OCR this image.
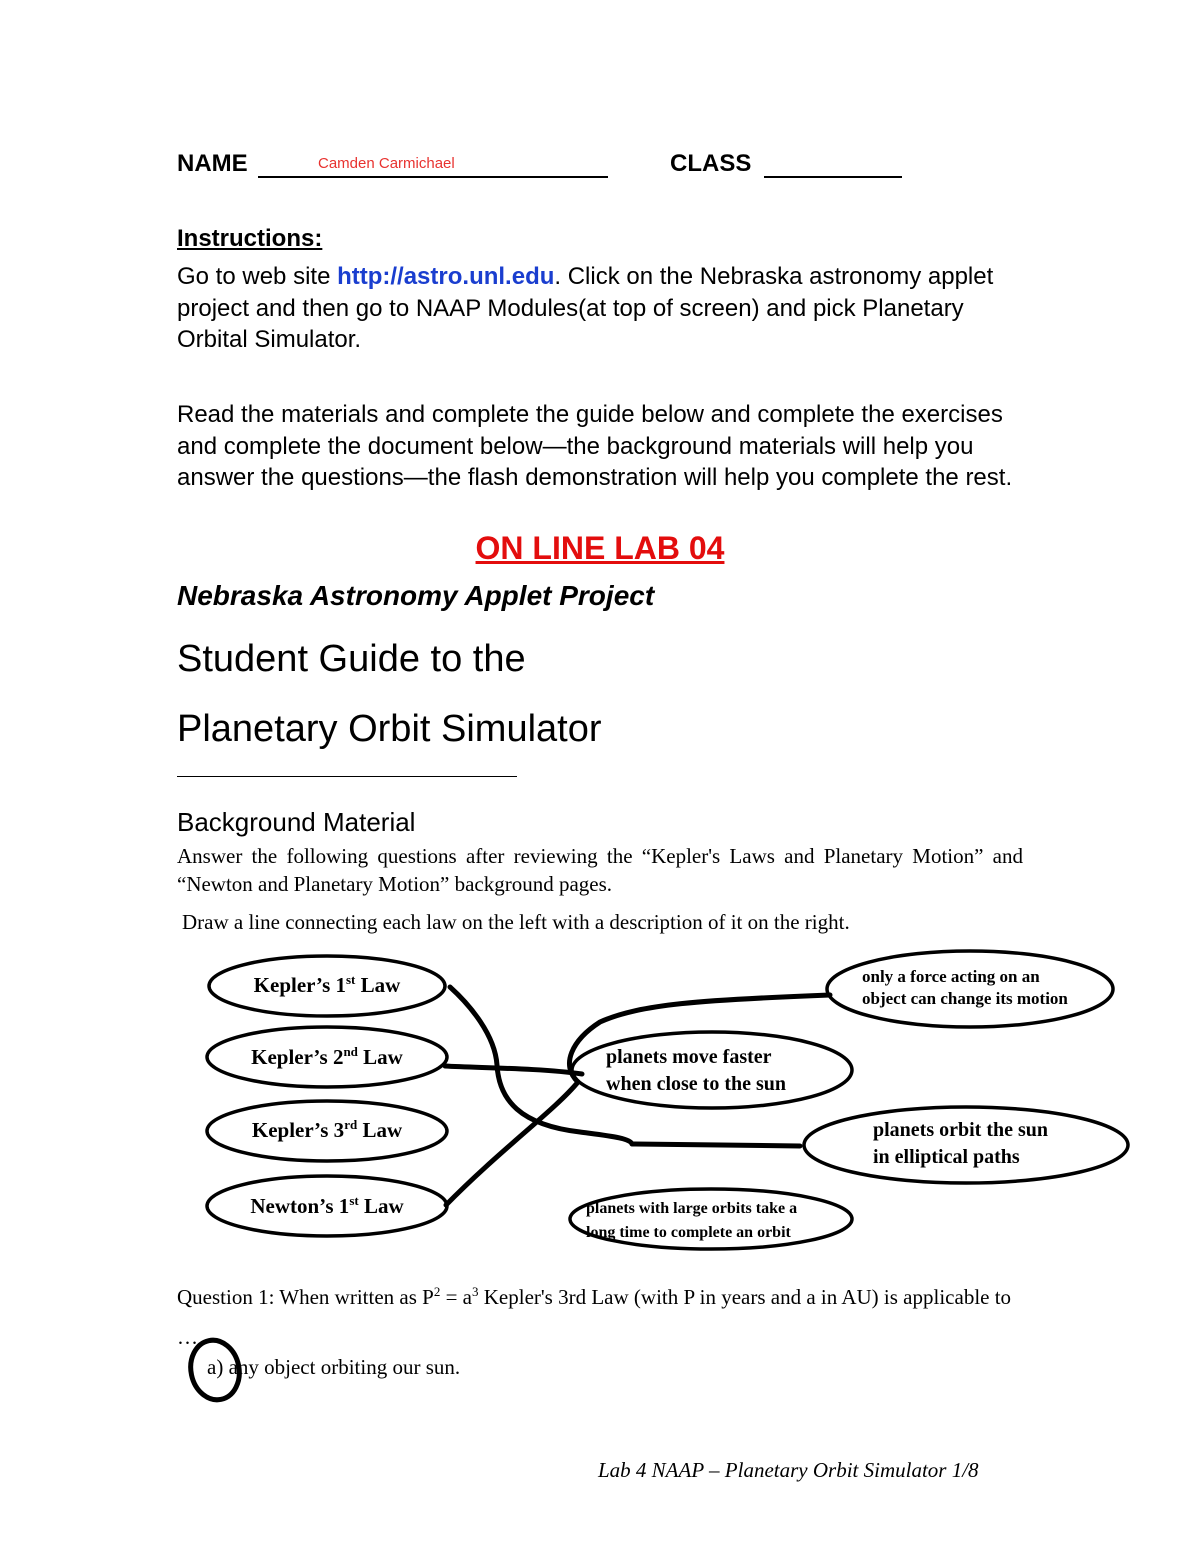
NAME	Camden Carmichael	CLASS
Instructions:
Go to web site http://astro.unl.edu. Click on the Nebraska astronomy applet project and then go to NAAP Modules(at top of screen) and pick Planetary Orbital Simulator.
Read the materials and complete the guide below and complete the exercises and complete the document below—the background materials will help you answer the questions—the flash demonstration will help you complete the rest.
ON LINE LAB 04
Nebraska Astronomy Applet Project
Student Guide to the
Planetary Orbit Simulator
Background Material
Answer the following questions after reviewing the “Kepler's Laws and Planetary Motion” and “Newton and Planetary Motion” background pages.
Draw a line connecting each law on the left with a description of it on the right.
Kepler’s 1st Law
Kepler’s 2nd Law
Kepler’s 3rd Law
Newton’s 1st Law
only a force acting on an
object can change its motion
planets move faster
when close to the sun
planets orbit the sun
in elliptical paths
planets with large orbits take a
long time to complete an orbit
Question 1: When written as $P^2 = a^3$ Kepler's 3rd Law (with P in years and a in AU) is applicable to …
a) any object orbiting our sun.
Lab 4 NAAP – Planetary Orbit Simulator 1/8
